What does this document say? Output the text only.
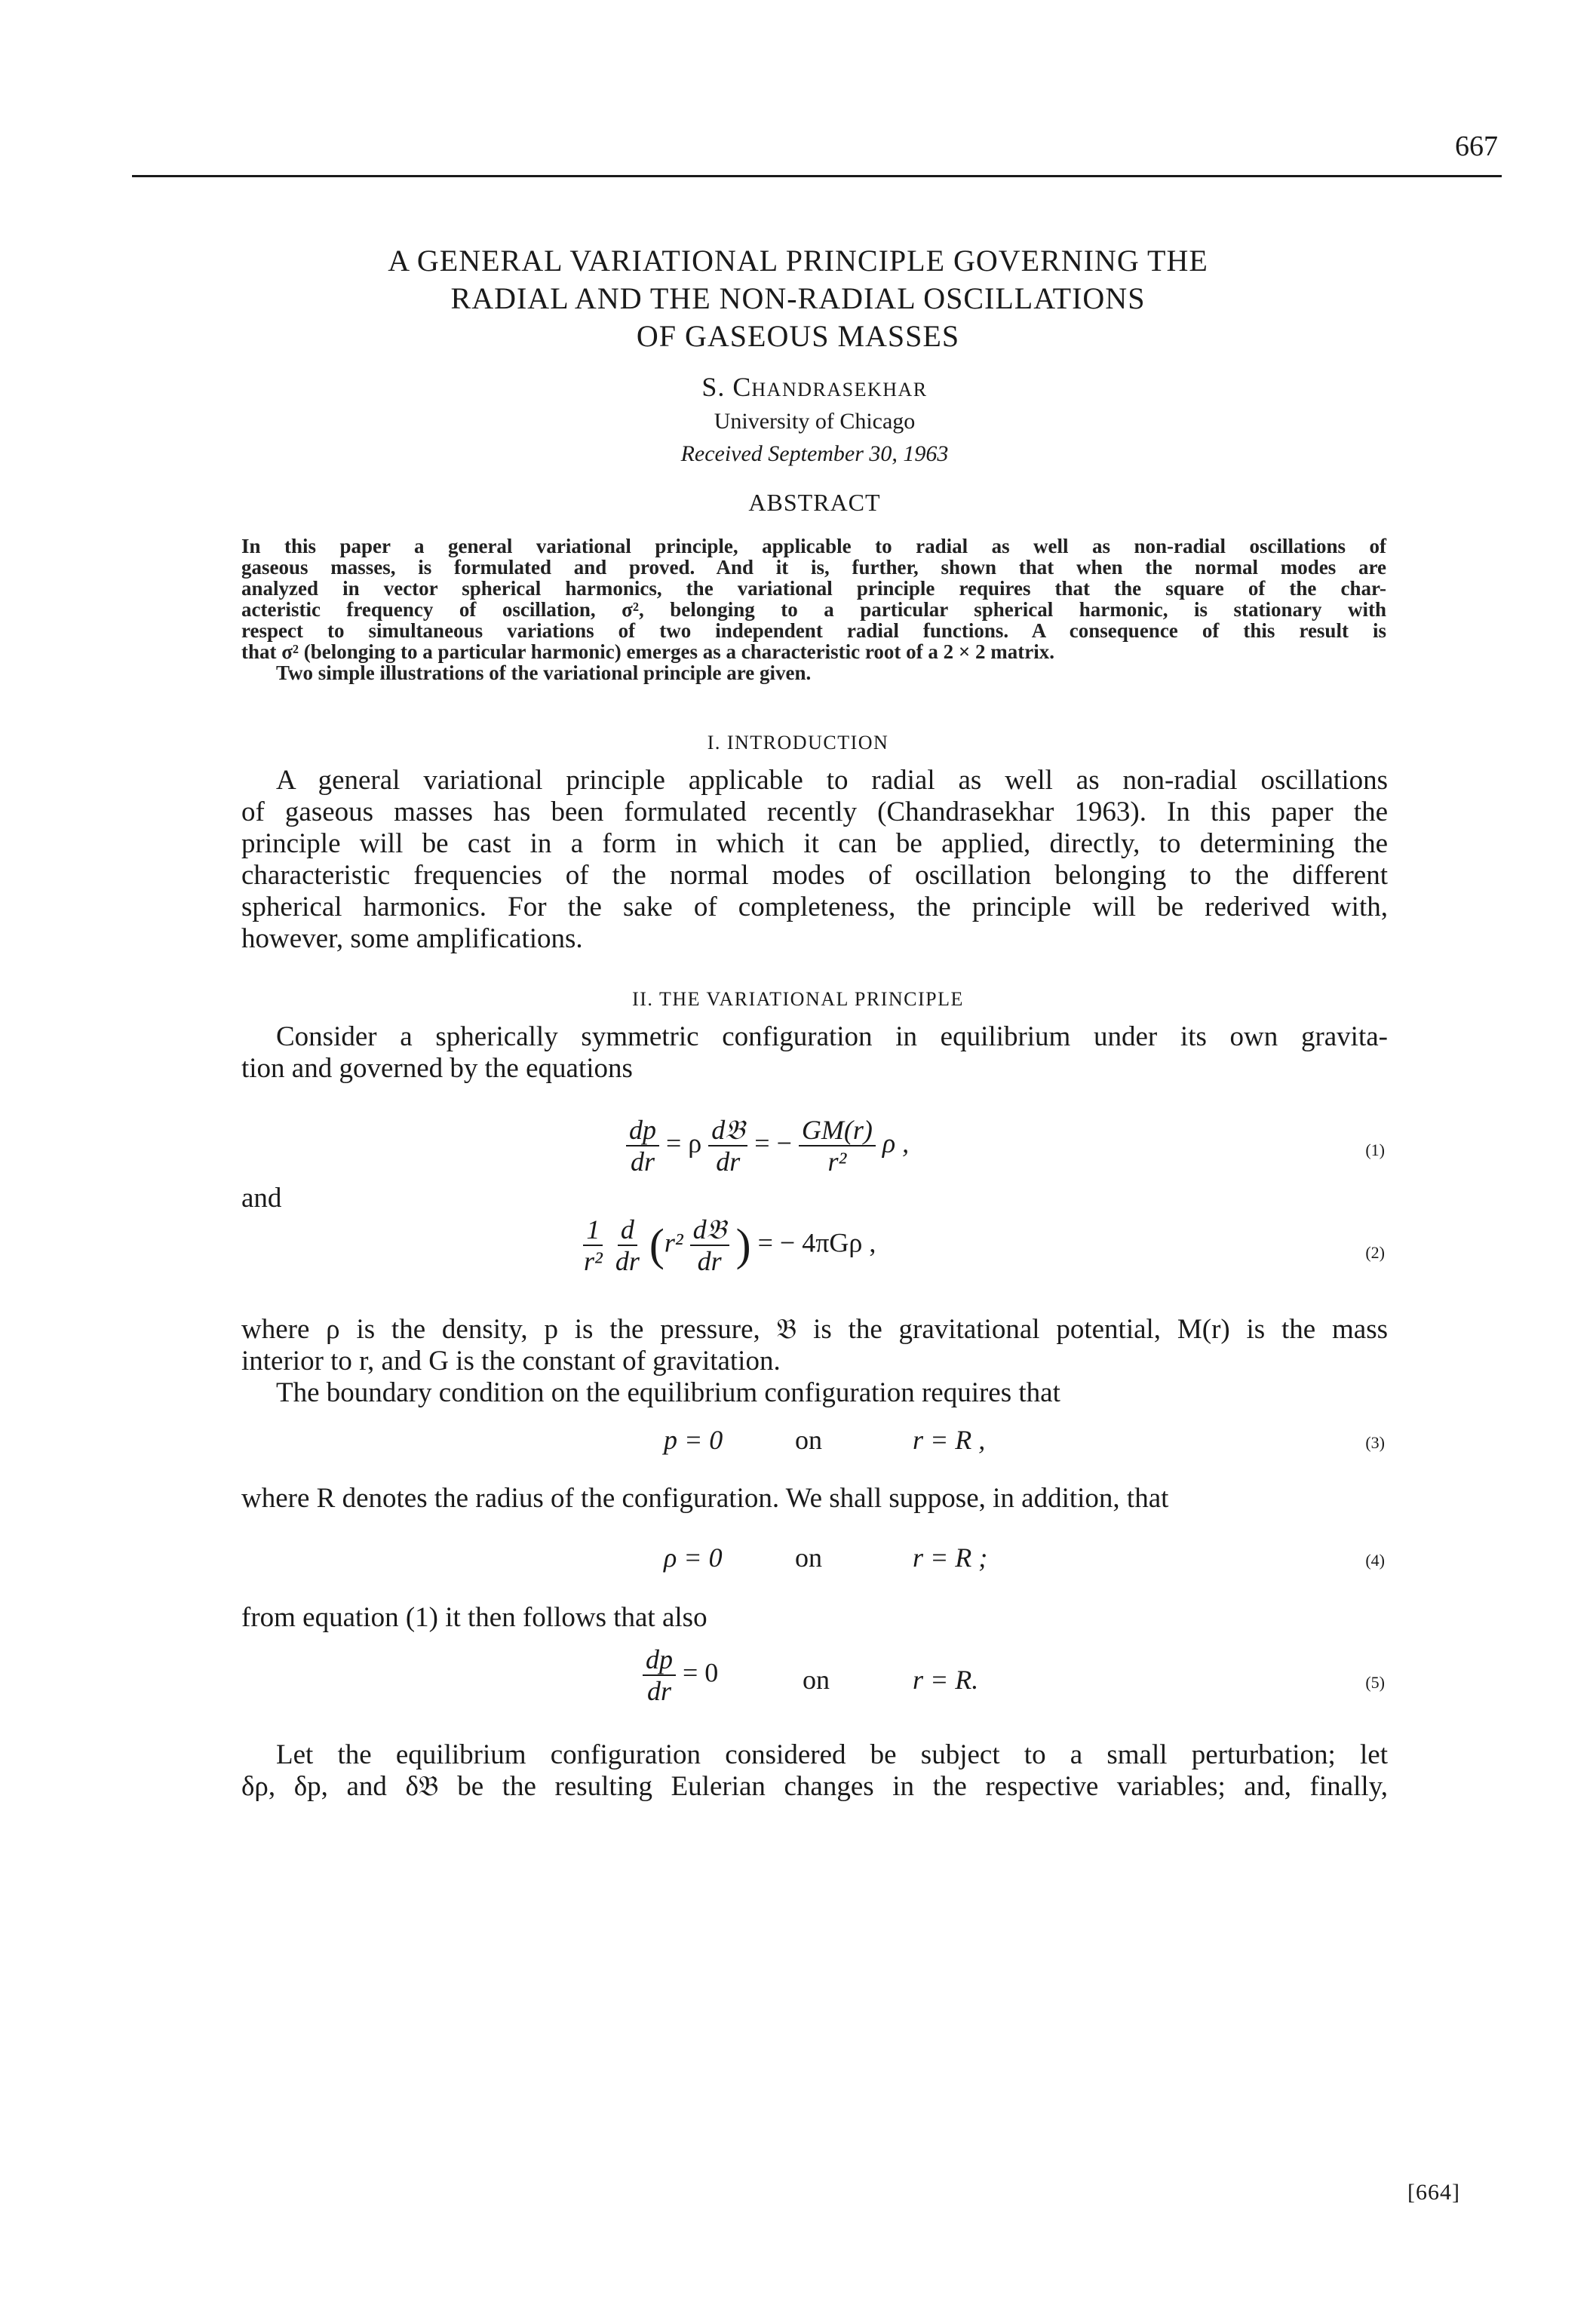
667
A GENERAL VARIATIONAL PRINCIPLE GOVERNING THE
RADIAL AND THE NON-RADIAL OSCILLATIONS
OF GASEOUS MASSES
S. CHANDRASEKHAR
University of Chicago
Received September 30, 1963
ABSTRACT
In this paper a general variational principle, applicable to radial as well as non-radial oscillations of
gaseous masses, is formulated and proved. And it is, further, shown that when the normal modes are
analyzed in vector spherical harmonics, the variational principle requires that the square of the char-
acteristic frequency of oscillation, σ², belonging to a particular spherical harmonic, is stationary with
respect to simultaneous variations of two independent radial functions. A consequence of this result is
that σ² (belonging to a particular harmonic) emerges as a characteristic root of a 2 × 2 matrix.
Two simple illustrations of the variational principle are given.
I. INTRODUCTION
A general variational principle applicable to radial as well as non-radial oscillations
of gaseous masses has been formulated recently (Chandrasekhar 1963). In this paper the
principle will be cast in a form in which it can be applied, directly, to determining the
characteristic frequencies of the normal modes of oscillation belonging to the different
spherical harmonics. For the sake of completeness, the principle will be rederived with,
however, some amplifications.
II. THE VARIATIONAL PRINCIPLE
Consider a spherically symmetric configuration in equilibrium under its own gravita-
tion and governed by the equations
$\frac{dp}{dr} = \rho \frac{\text{d𝔅}}{dr}$ = − $\frac{GM(r)}{\text{r²}}$ ρ ,	(1)
and
$\frac{1}{\text{r²}}$
$\frac{d}{dr} (r^2 \frac{\text{d𝔅}}{dr}$ ) = − 4πGρ ,	(2)
where ρ is the density, p is the pressure, 𝔅 is the gravitational potential, M(r) is the mass
interior to r, and G is the constant of gravitation.
The boundary condition on the equilibrium configuration requires that
p = 0	on	r = R ,	(3)
where R denotes the radius of the configuration. We shall suppose, in addition, that
ρ = 0	on	r = R ;	(4)
from equation (1) it then follows that also
$\frac{dp}{dr} = 0$	on	r = R.	(5)
Let the equilibrium configuration considered be subject to a small perturbation; let
δρ, δp, and δ𝔅 be the resulting Eulerian changes in the respective variables; and, finally,
[664]
